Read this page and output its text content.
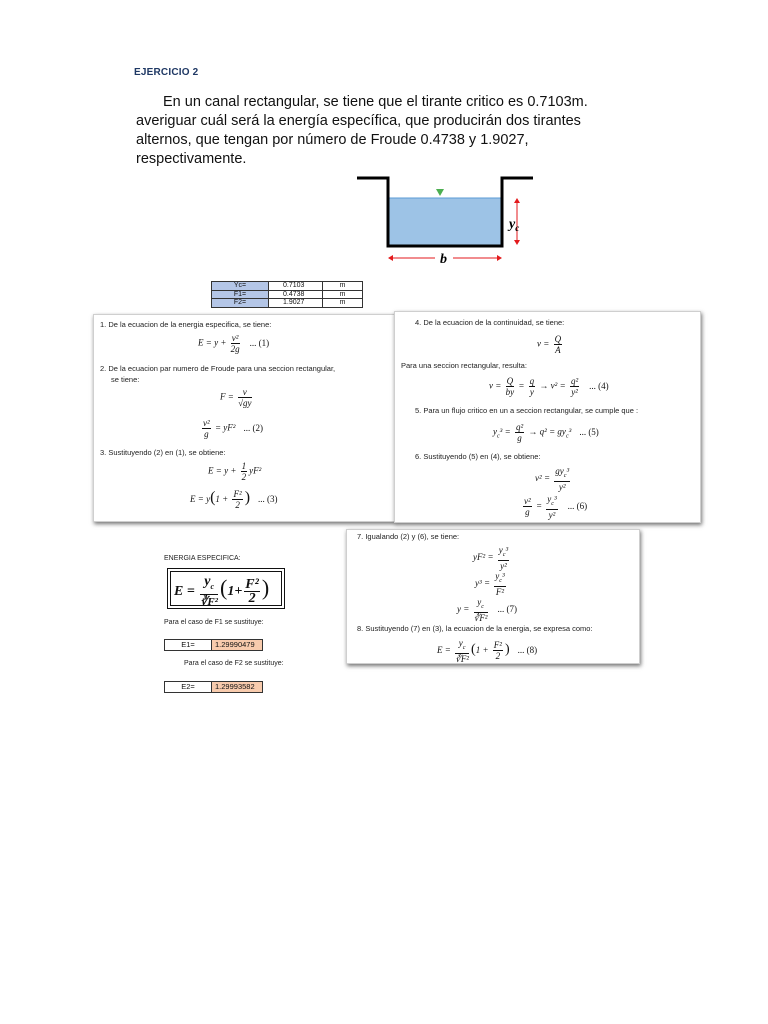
EJERCICIO 2
En un canal rectangular, se tiene que el tirante critico es 0.7103m.
averiguar cuál será la energía específica, que producirán dos tirantes
alternos, que tengan por número de Froude 0.4738 y 1.9027,
respectivamente.
$y_c$
b
Yc=	0.7103	m
F1=	0.4738	m
F2=	1.9027	m
1. De la ecuacion de la energia especifica, se tiene:
$E = y + \frac{\text{v²}}{2g}$ ... (1)
2. De la ecuacion par numero de Froude para una seccion rectangular,
se tiene:
$F = \frac{v}{√gy}$
$\frac{\text{v²}}{g} = yF^2$ ... (2)
3. Sustituyendo (2) en (1), se obtiene:
$E = y + \frac{1}{2} yF^2$
$E = y(1 + \frac{\text{F²}}{2}$ ) ... (3)
4. De la ecuacion de la continuidad, se tiene:
$v = \frac{Q}{A}$
Para una seccion rectangular, resulta:
$v = \frac{Q}{by} = \frac{q}{y} \to v^2 = \frac{\text{q²}}{\text{y²}}$ ... (4)
5. Para un flujo critico en un a seccion rectangular, se cumple que :
$y_c^3 = \frac{\text{q²}}{g} \to q^2 = gy_c^3$ ... (5)
6. Sustituyendo (5) en (4), se obtiene:
$v^2 = \frac{gy_c^3}{\text{y²}}$
$\frac{\text{v²}}{g} = \frac{y_c^3}{\text{y²}}$ ... (6)
7. Igualando (2) y (6), se tiene:
$yF^2 = \frac{y_c^3}{\text{y²}}$
$y^3 = \frac{y_c^3}{\text{F²}}$
$y = \frac{y_c}{\text{∛F²}}$ ... (7)
8. Sustituyendo (7) en (3), la ecuacion de la energia, se expresa como:
$E = \frac{y_c}{\text{∛F²}} (1 + \frac{\text{F²}}{2}$ ) ... (8)
ENERGIA ESPECIFICA:
$E = \frac{y_c}{\text{∛F²}} (1+ \frac{\text{F²}}{2}$ )
Para el caso de F1 se sustituye:
E1=	1.29990479
Para el caso de F2 se sustituye:
E2=	1.29993582
